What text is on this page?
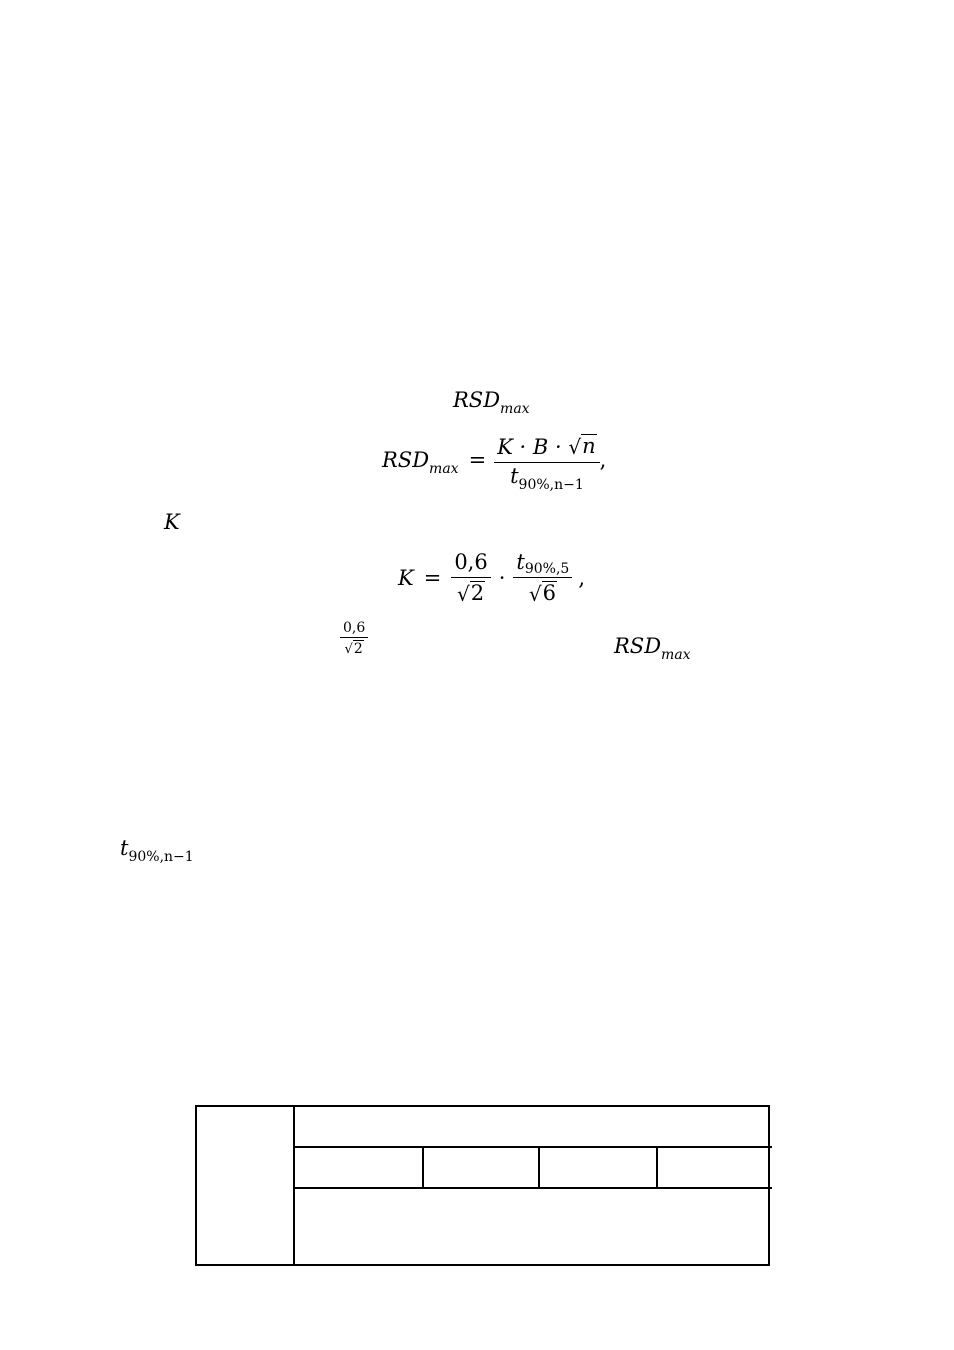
$RSD_{max}$
$RSD_{max} = \frac{K \cdot B \cdot √ n}{t_{90\%,n-1}}$ ,
K
$K = \frac{0,6}{√ 2} \cdot \frac{t90\%,5}{√ 6}$ ,
$\frac{0,6}{√ 2}$	$RSD_{max}$
$t_{90\%,n-1}$
